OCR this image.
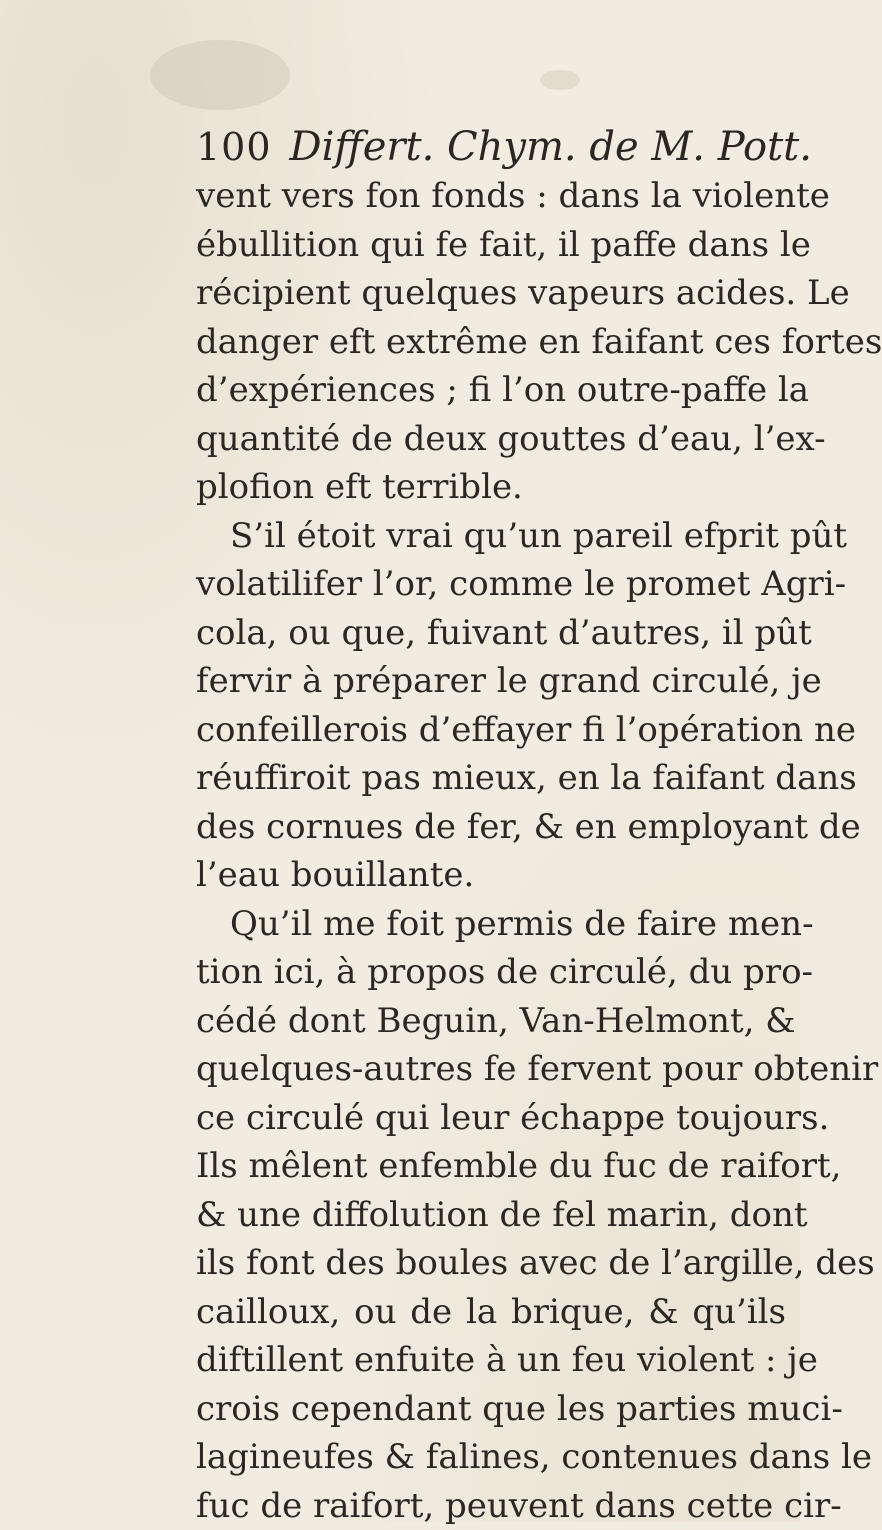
100 Differt. Chym. de M. Pott.
vent vers fon fonds : dans la violente
ébullition qui fe fait, il paffe dans le
récipient quelques vapeurs acides. Le
danger eft extrême en faifant ces fortes
d’expériences ; fi l’on outre-paffe la
quantité de deux gouttes d’eau, l’ex-
plofion eft terrible.
S’il étoit vrai qu’un pareil efprit pût
volatilifer l’or, comme le promet Agri-
cola, ou que, fuivant d’autres, il pût
fervir à préparer le grand circulé, je
confeillerois d’effayer fi l’opération ne
réuffiroit pas mieux, en la faifant dans
des cornues de fer, & en employant de
l’eau bouillante.
Qu’il me foit permis de faire men-
tion ici, à propos de circulé, du pro-
cédé dont Beguin, Van-Helmont, &
quelques-autres fe fervent pour obtenir
ce circulé qui leur échappe toujours.
Ils mêlent enfemble du fuc de raifort,
& une diffolution de fel marin, dont
ils font des boules avec de l’argille, des
cailloux, ou de la brique, & qu’ils
diftillent enfuite à un feu violent : je
crois cependant que les parties muci-
lagineufes & falines, contenues dans le
fuc de raifort, peuvent dans cette cir-
